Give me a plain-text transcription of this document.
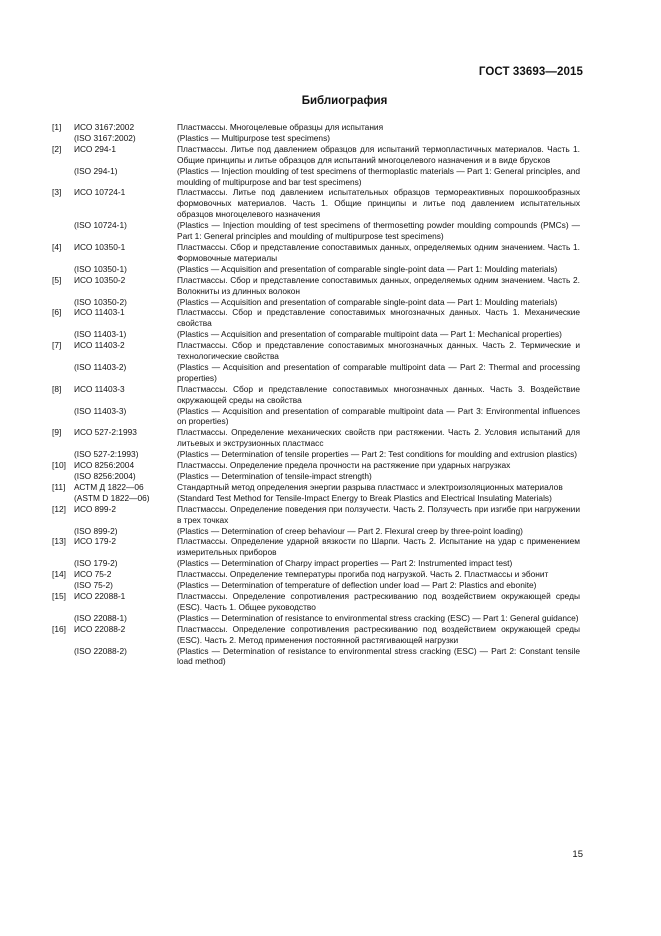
ГОСТ 33693—2015
Библиография
[1]	ИСО 3167:2002	Пластмассы. Многоцелевые образцы для испытания
(ISO 3167:2002)	(Plastics — Multipurpose test specimens)
[2]	ИСО 294-1	Пластмассы. Литье под давлением образцов для испытаний термопластичных материалов. Часть 1. Общие принципы и литье образцов для испытаний многоцелевого назначения и в виде брусков
(ISO 294-1)	(Plastics — Injection moulding of test specimens of thermoplastic materials — Part 1: General principles, and moulding of multipurpose and bar test specimens)
[3]	ИСО 10724-1	Пластмассы. Литье под давлением испытательных образцов термореактивных порошкообразных формовочных материалов. Часть 1. Общие принципы и литье под давлением испытательных образцов многоцелевого назначения
(ISO 10724-1)	(Plastics — Injection moulding of test specimens of thermosetting powder moulding compounds (PMCs) — Part 1: General principles and moulding of multipurpose test specimens)
[4]	ИСО 10350-1	Пластмассы. Сбор и представление сопоставимых данных, определяемых одним значением. Часть 1. Формовочные материалы
(ISO 10350-1)	(Plastics — Acquisition and presentation of comparable single-point data — Part 1: Moulding materials)
[5]	ИСО 10350-2	Пластмассы. Сбор и представление сопоставимых данных, определяемых одним значением. Часть 2. Волокниты из длинных волокон
(ISO 10350-2)	(Plastics — Acquisition and presentation of comparable single-point data — Part 1: Moulding materials)
[6]	ИСО 11403-1	Пластмассы. Сбор и представление сопоставимых многозначных данных. Часть 1. Механические свойства
(ISO 11403-1)	(Plastics — Acquisition and presentation of comparable multipoint data — Part 1: Mechanical properties)
[7]	ИСО 11403-2	Пластмассы. Сбор и представление сопоставимых многозначных данных. Часть 2. Термические и технологические свойства
(ISO 11403-2)	(Plastics — Acquisition and presentation of comparable multipoint data — Part 2: Thermal and processing properties)
[8]	ИСО 11403-3	Пластмассы. Сбор и представление сопоставимых многозначных данных. Часть 3. Воздействие окружающей среды на свойства
(ISO 11403-3)	(Plastics — Acquisition and presentation of comparable multipoint data — Part 3: Environmental influences on properties)
[9]	ИСО 527-2:1993	Пластмассы. Определение механических свойств при растяжении. Часть 2. Условия испытаний для литьевых и экструзионных пластмасс
(ISO 527-2:1993)	(Plastics — Determination of tensile properties — Part 2: Test conditions for moulding and extrusion plastics)
[10] ИСО 8256:2004	Пластмассы. Определение предела прочности на растяжение при ударных нагрузках
(ISO 8256:2004)	(Plastics — Determination of tensile-impact strength)
[11]	АСТМ Д 1822—06	Стандартный метод определения энергии разрыва пластмасс и электроизоляционных материалов
(ASTM D 1822—06)	(Standard Test Method for Tensile-Impact Energy to Break Plastics and Electrical Insulating Materials)
[12] ИСО 899-2	Пластмассы. Определение поведения при ползучести. Часть 2. Ползучесть при изгибе при нагружении в трех точках
(ISO 899-2)	(Plastics — Determination of creep behaviour — Part 2. Flexural creep by three-point loading)
[13] ИСО 179-2	Пластмассы. Определение ударной вязкости по Шарпи. Часть 2. Испытание на удар с применением измерительных приборов
(ISO 179-2)	(Plastics — Determination of Charpy impact properties — Part 2: Instrumented impact test)
[14] ИСО 75-2	Пластмассы. Определение температуры прогиба под нагрузкой. Часть 2. Пластмассы и эбонит
(ISO 75-2)	(Plastics — Determination of temperature of deflection under load — Part 2: Plastics and ebonite)
[15] ИСО 22088-1	Пластмассы. Определение сопротивления растрескиванию под воздействием окружающей среды (ESC). Часть 1. Общее руководство
(ISO 22088-1)	(Plastics — Determination of resistance to environmental stress cracking (ESC) — Part 1: General guidance)
[16] ИСО 22088-2	Пластмассы. Определение сопротивления растрескиванию под воздействием окружающей среды (ESC). Часть 2. Метод применения постоянной растягивающей нагрузки
(ISO 22088-2)	(Plastics — Determination of resistance to environmental stress cracking (ESC) — Part 2: Constant tensile load method)
15
